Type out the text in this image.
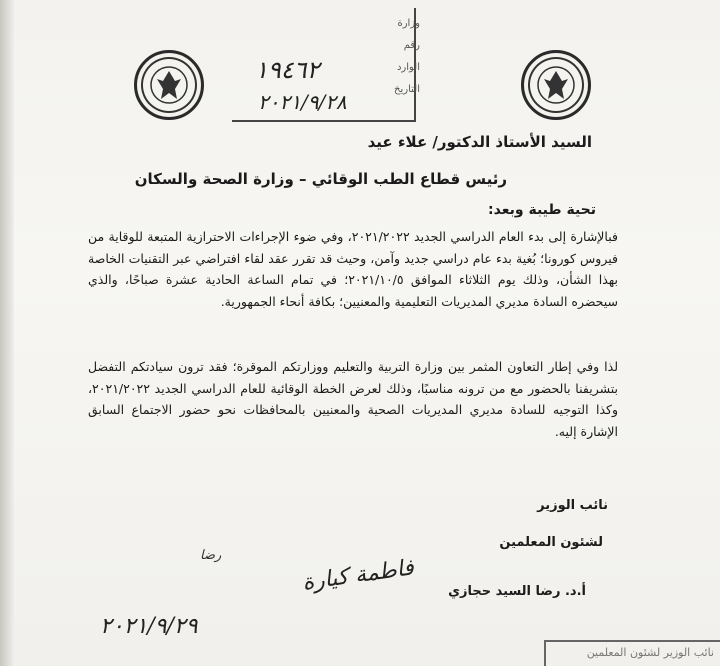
وزارة
رقم
الوارد
التاريخ
١٩٤٦٢
٢٠٢١/٩/٢٨
السيد الأستاذ الدكتور/ علاء عيد
رئيس قطاع الطب الوقائي – وزارة الصحة والسكان
تحية طيبة وبعد:
فبالإشارة إلى بدء العام الدراسي الجديد ٢٠٢١/٢٠٢٢، وفي ضوء الإجراءات الاحترازية المتبعة للوقاية من فيروس كورونا؛ بُغية بدء عام دراسي جديد وآمن، وحيث قد تقرر عقد لقاء افتراضي عبر التقنيات الخاصة بهذا الشأن، وذلك يوم الثلاثاء الموافق ٢٠٢١/١٠/٥؛ في تمام الساعة الحادية عشرة صباحًا، والذي سيحضره السادة مديري المديريات التعليمية والمعنيين؛ بكافة أنحاء الجمهورية.
لذا وفي إطار التعاون المثمر بين وزارة التربية والتعليم ووزارتكم الموقرة؛ فقد ترون سيادتكم التفضل بتشريفنا بالحضور مع من ترونه مناسبًا، وذلك لعرض الخطة الوقائية للعام الدراسي الجديد ٢٠٢١/٢٠٢٢، وكذا التوجيه للسادة مديري المديريات الصحية والمعنيين بالمحافظات نحو حضور الاجتماع السابق الإشارة إليه.
نائب الوزير
لشئون المعلمين
رضا
أ.د. رضا السيد حجازي
فاطمة كيارة
٢٠٢١/٩/٢٩
نائب الوزير لشئون المعلمين
